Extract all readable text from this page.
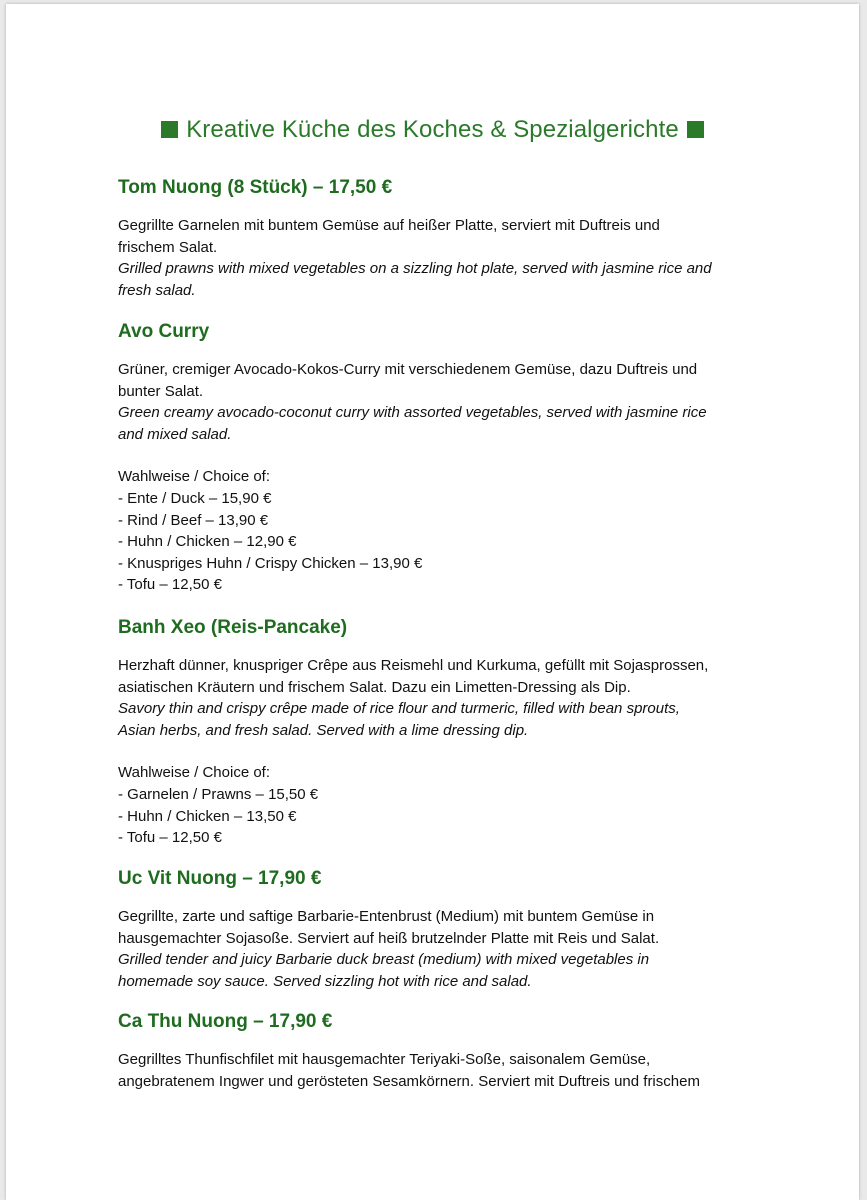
Kreative Küche des Koches & Spezialgerichte
Tom Nuong (8 Stück) – 17,50 €

Gegrillte Garnelen mit buntem Gemüse auf heißer Platte, serviert mit Duftreis und
frischem Salat.

Grilled prawns with mixed vegetables on a sizzling hot plate, served with jasmine rice and
fresh salad.

Avo Curry

Grüner, cremiger Avocado-Kokos-Curry mit verschiedenem Gemüse, dazu Duftreis und
bunter Salat.

Green creamy avocado-coconut curry with assorted vegetables, served with jasmine rice
and mixed salad.

Wahlweise / Choice of:
- Ente / Duck – 15,90 €
- Rind / Beef – 13,90 €
- Huhn / Chicken – 12,90 €
- Knuspriges Huhn / Crispy Chicken – 13,90 €
- Tofu – 12,50 €
Banh Xeo (Reis-Pancake)

Herzhaft dünner, knuspriger Crêpe aus Reismehl und Kurkuma, gefüllt mit Sojasprossen,
asiatischen Kräutern und frischem Salat. Dazu ein Limetten-Dressing als Dip.

Savory thin and crispy crêpe made of rice flour and turmeric, filled with bean sprouts,
Asian herbs, and fresh salad. Served with a lime dressing dip.

Wahlweise / Choice of:
- Garnelen / Prawns – 15,50 €
- Huhn / Chicken – 13,50 €
- Tofu – 12,50 €
Uc Vit Nuong – 17,90 €

Gegrillte, zarte und saftige Barbarie-Entenbrust (Medium) mit buntem Gemüse in
hausgemachter Sojasoße. Serviert auf heiß brutzelnder Platte mit Reis und Salat.

Grilled tender and juicy Barbarie duck breast (medium) with mixed vegetables in
homemade soy sauce. Served sizzling hot with rice and salad.

Ca Thu Nuong – 17,90 €

Gegrilltes Thunfischfilet mit hausgemachter Teriyaki-Soße, saisonalem Gemüse,
angebratenem Ingwer und gerösteten Sesamkörnern. Serviert mit Duftreis und frischem
